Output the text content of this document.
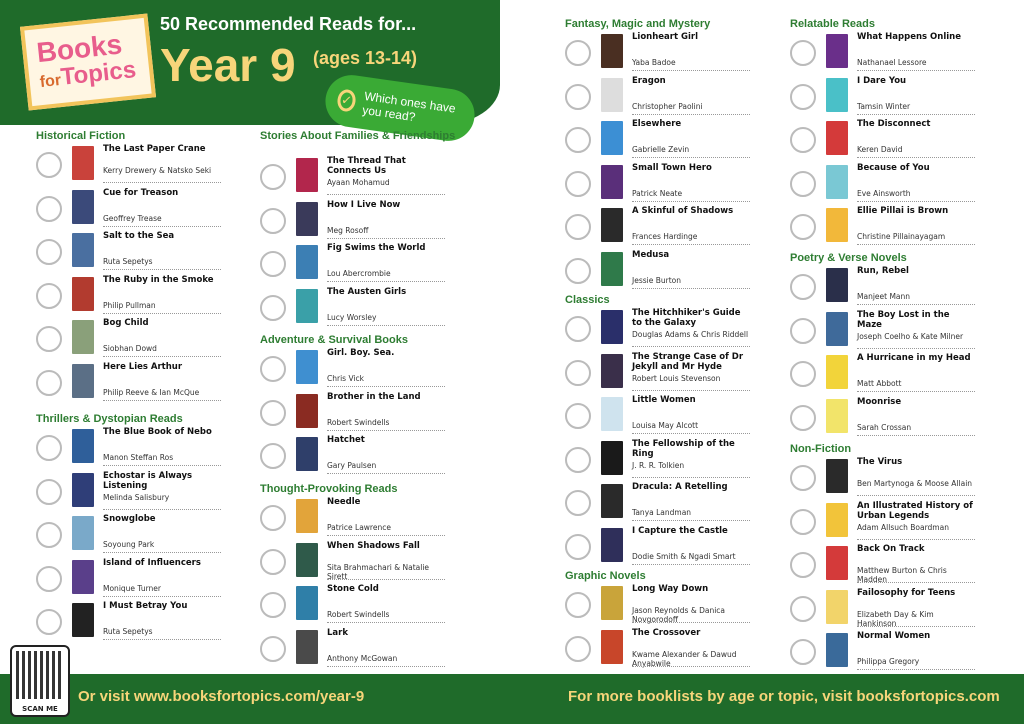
Books
forTopics
50 Recommended Reads for...
Year 9 (ages 13-14)
✓ Which ones have you read?
Historical Fiction
The Last Paper Crane
Kerry Drewery & Natsko Seki
Cue for Treason
Geoffrey Trease
Salt to the Sea
Ruta Sepetys
The Ruby in the Smoke
Philip Pullman
Bog Child
Siobhan Dowd
Here Lies Arthur
Philip Reeve & Ian McQue
Thrillers & Dystopian Reads
The Blue Book of Nebo
Manon Steffan Ros
Echostar is Always Listening
Melinda Salisbury
Snowglobe
Soyoung Park
Island of Influencers
Monique Turner
I Must Betray You
Ruta Sepetys
Stories About Families & Friendships
The Thread That Connects Us
Ayaan Mohamud
How I Live Now
Meg Rosoff
Fig Swims the World
Lou Abercrombie
The Austen Girls
Lucy Worsley
Adventure & Survival Books
Girl. Boy. Sea.
Chris Vick
Brother in the Land
Robert Swindells
Hatchet
Gary Paulsen
Thought-Provoking Reads
Needle
Patrice Lawrence
When Shadows Fall
Sita Brahmachari & Natalie Sirett
Stone Cold
Robert Swindells
Lark
Anthony McGowan
Fantasy, Magic and Mystery
Lionheart Girl
Yaba Badoe
Eragon
Christopher Paolini
Elsewhere
Gabrielle Zevin
Small Town Hero
Patrick Neate
A Skinful of Shadows
Frances Hardinge
Medusa
Jessie Burton
Classics
The Hitchhiker's Guide to the Galaxy
Douglas Adams & Chris Riddell
The Strange Case of Dr Jekyll and Mr Hyde
Robert Louis Stevenson
Little Women
Louisa May Alcott
The Fellowship of the Ring
J. R. R. Tolkien
Dracula: A Retelling
Tanya Landman
I Capture the Castle
Dodie Smith & Ngadi Smart
Graphic Novels
Long Way Down
Jason Reynolds & Danica Novgorodoff
The Crossover
Kwame Alexander & Dawud Anyabwile
Relatable Reads
What Happens Online
Nathanael Lessore
I Dare You
Tamsin Winter
The Disconnect
Keren David
Because of You
Eve Ainsworth
Ellie Pillai is Brown
Christine Pillainayagam
Poetry & Verse Novels
Run, Rebel
Manjeet Mann
The Boy Lost in the Maze
Joseph Coelho & Kate Milner
A Hurricane in my Head
Matt Abbott
Moonrise
Sarah Crossan
Non-Fiction
The Virus
Ben Martynoga & Moose Allain
An Illustrated History of Urban Legends
Adam Allsuch Boardman
Back On Track
Matthew Burton & Chris Madden
Failosophy for Teens
Elizabeth Day & Kim Hankinson
Normal Women
Philippa Gregory
Or visit www.booksfortopics.com/year-9	For more booklists by age or topic, visit booksfortopics.com
SCAN ME
